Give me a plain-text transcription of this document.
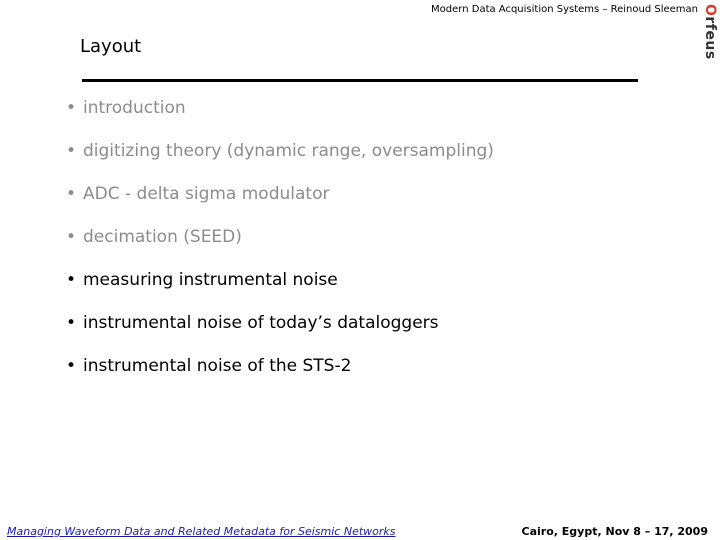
Modern Data Acquisition Systems – Reinoud Sleeman Orfeus
Layout
• introduction
• digitizing theory (dynamic range, oversampling)
• ADC - delta sigma modulator
• decimation (SEED)
• measuring instrumental noise
• instrumental noise of today’s dataloggers
• instrumental noise of the STS-2
Managing Waveform Data and Related Metadata for Seismic Networks	Cairo, Egypt, Nov 8 – 17, 2009
